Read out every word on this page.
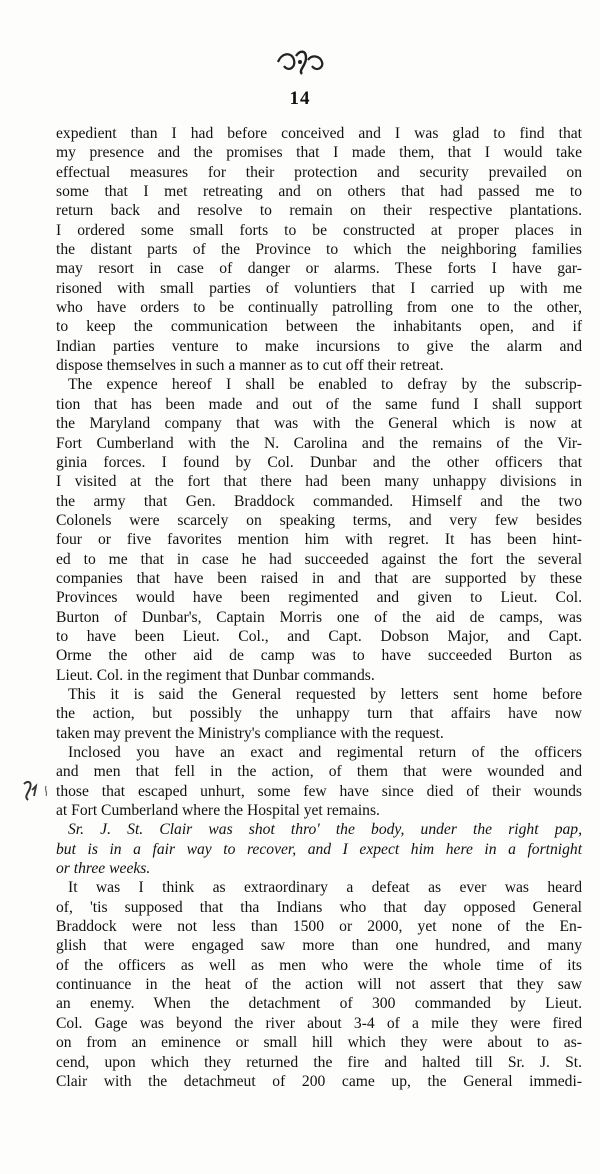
14

expedient than I had before conceived and I was glad to find that

my presence and the promises that I made them, that I would take

effectual measures for their protection and security prevailed on

some that I met retreating and on others that had passed me to

return back and resolve to remain on their respective plantations.

I ordered some small forts to be constructed at proper places in

the distant parts of the Province to which the neighboring families

may resort in case of danger or alarms. These forts I have gar-

risoned with small parties of voluntiers that I carried up with me

who have orders to be continually patrolling from one to the other,

to keep the communication between the inhabitants open, and if

Indian parties venture to make incursions to give the alarm and

dispose themselves in such a manner as to cut off their retreat.

The expence hereof I shall be enabled to defray by the subscrip-

tion that has been made and out of the same fund I shall support

the Maryland company that was with the General which is now at

Fort Cumberland with the N. Carolina and the remains of the Vir-

ginia forces. I found by Col. Dunbar and the other officers that

I visited at the fort that there had been many unhappy divisions in

the army that Gen. Braddock commanded. Himself and the two

Colonels were scarcely on speaking terms, and very few besides

four or five favorites mention him with regret. It has been hint-

ed to me that in case he had succeeded against the fort the several

companies that have been raised in and that are supported by these

Provinces would have been regimented and given to Lieut. Col.

Burton of Dunbar's, Captain Morris one of the aid de camps, was

to have been Lieut. Col., and Capt. Dobson Major, and Capt.

Orme the other aid de camp was to have succeeded Burton as

Lieut. Col. in the regiment that Dunbar commands.

This it is said the General requested by letters sent home before

the action, but possibly the unhappy turn that affairs have now

taken may prevent the Ministry's compliance with the request.

Inclosed you have an exact and regimental return of the officers

and men that fell in the action, of them that were wounded and

those that escaped unhurt, some few have since died of their wounds

at Fort Cumberland where the Hospital yet remains.

Sr. J. St. Clair was shot thro' the body, under the right pap,

but is in a fair way to recover, and I expect him here in a fortnight

or three weeks.

It was I think as extraordinary a defeat as ever was heard

of, 'tis supposed that tha Indians who that day opposed General

Braddock were not less than 1500 or 2000, yet none of the En-

glish that were engaged saw more than one hundred, and many

of the officers as well as men who were the whole time of its

continuance in the heat of the action will not assert that they saw

an enemy. When the detachment of 300 commanded by Lieut.

Col. Gage was beyond the river about 3-4 of a mile they were fired

on from an eminence or small hill which they were about to as-

cend, upon which they returned the fire and halted till Sr. J. St.

Clair with the detachmeut of 200 came up, the General immedi-
